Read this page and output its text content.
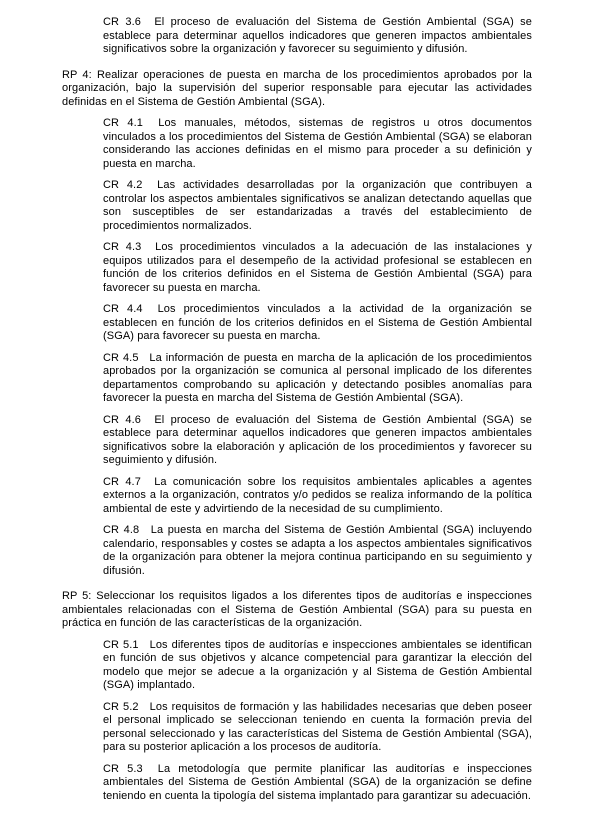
CR 3.6 El proceso de evaluación del Sistema de Gestión Ambiental (SGA) se establece para determinar aquellos indicadores que generen impactos ambientales significativos sobre la organización y favorecer su seguimiento y difusión.

RP 4: Realizar operaciones de puesta en marcha de los procedimientos aprobados por la organización, bajo la supervisión del superior responsable para ejecutar las actividades definidas en el Sistema de Gestión Ambiental (SGA).

CR 4.1 Los manuales, métodos, sistemas de registros u otros documentos vinculados a los procedimientos del Sistema de Gestión Ambiental (SGA) se elaboran considerando las acciones definidas en el mismo para proceder a su definición y puesta en marcha.

CR 4.2 Las actividades desarrolladas por la organización que contribuyen a controlar los aspectos ambientales significativos se analizan detectando aquellas que son susceptibles de ser estandarizadas a través del establecimiento de procedimientos normalizados.

CR 4.3 Los procedimientos vinculados a la adecuación de las instalaciones y equipos utilizados para el desempeño de la actividad profesional se establecen en función de los criterios definidos en el Sistema de Gestión Ambiental (SGA) para favorecer su puesta en marcha.

CR 4.4 Los procedimientos vinculados a la actividad de la organización se establecen en función de los criterios definidos en el Sistema de Gestión Ambiental (SGA) para favorecer su puesta en marcha.

CR 4.5 La información de puesta en marcha de la aplicación de los procedimientos aprobados por la organización se comunica al personal implicado de los diferentes departamentos comprobando su aplicación y detectando posibles anomalías para favorecer la puesta en marcha del Sistema de Gestión Ambiental (SGA).

CR 4.6 El proceso de evaluación del Sistema de Gestión Ambiental (SGA) se establece para determinar aquellos indicadores que generen impactos ambientales significativos sobre la elaboración y aplicación de los procedimientos y favorecer su seguimiento y difusión.

CR 4.7 La comunicación sobre los requisitos ambientales aplicables a agentes externos a la organización, contratos y/o pedidos se realiza informando de la política ambiental de este y advirtiendo de la necesidad de su cumplimiento.

CR 4.8 La puesta en marcha del Sistema de Gestión Ambiental (SGA) incluyendo calendario, responsables y costes se adapta a los aspectos ambientales significativos de la organización para obtener la mejora continua participando en su seguimiento y difusión.

RP 5: Seleccionar los requisitos ligados a los diferentes tipos de auditorías e inspecciones ambientales relacionadas con el Sistema de Gestión Ambiental (SGA) para su puesta en práctica en función de las características de la organización.

CR 5.1 Los diferentes tipos de auditorías e inspecciones ambientales se identifican en función de sus objetivos y alcance competencial para garantizar la elección del modelo que mejor se adecue a la organización y al Sistema de Gestión Ambiental (SGA) implantado.

CR 5.2 Los requisitos de formación y las habilidades necesarias que deben poseer el personal implicado se seleccionan teniendo en cuenta la formación previa del personal seleccionado y las características del Sistema de Gestión Ambiental (SGA), para su posterior aplicación a los procesos de auditoría.

CR 5.3 La metodología que permite planificar las auditorías e inspecciones ambientales del Sistema de Gestión Ambiental (SGA) de la organización se define teniendo en cuenta la tipología del sistema implantado para garantizar su adecuación.
